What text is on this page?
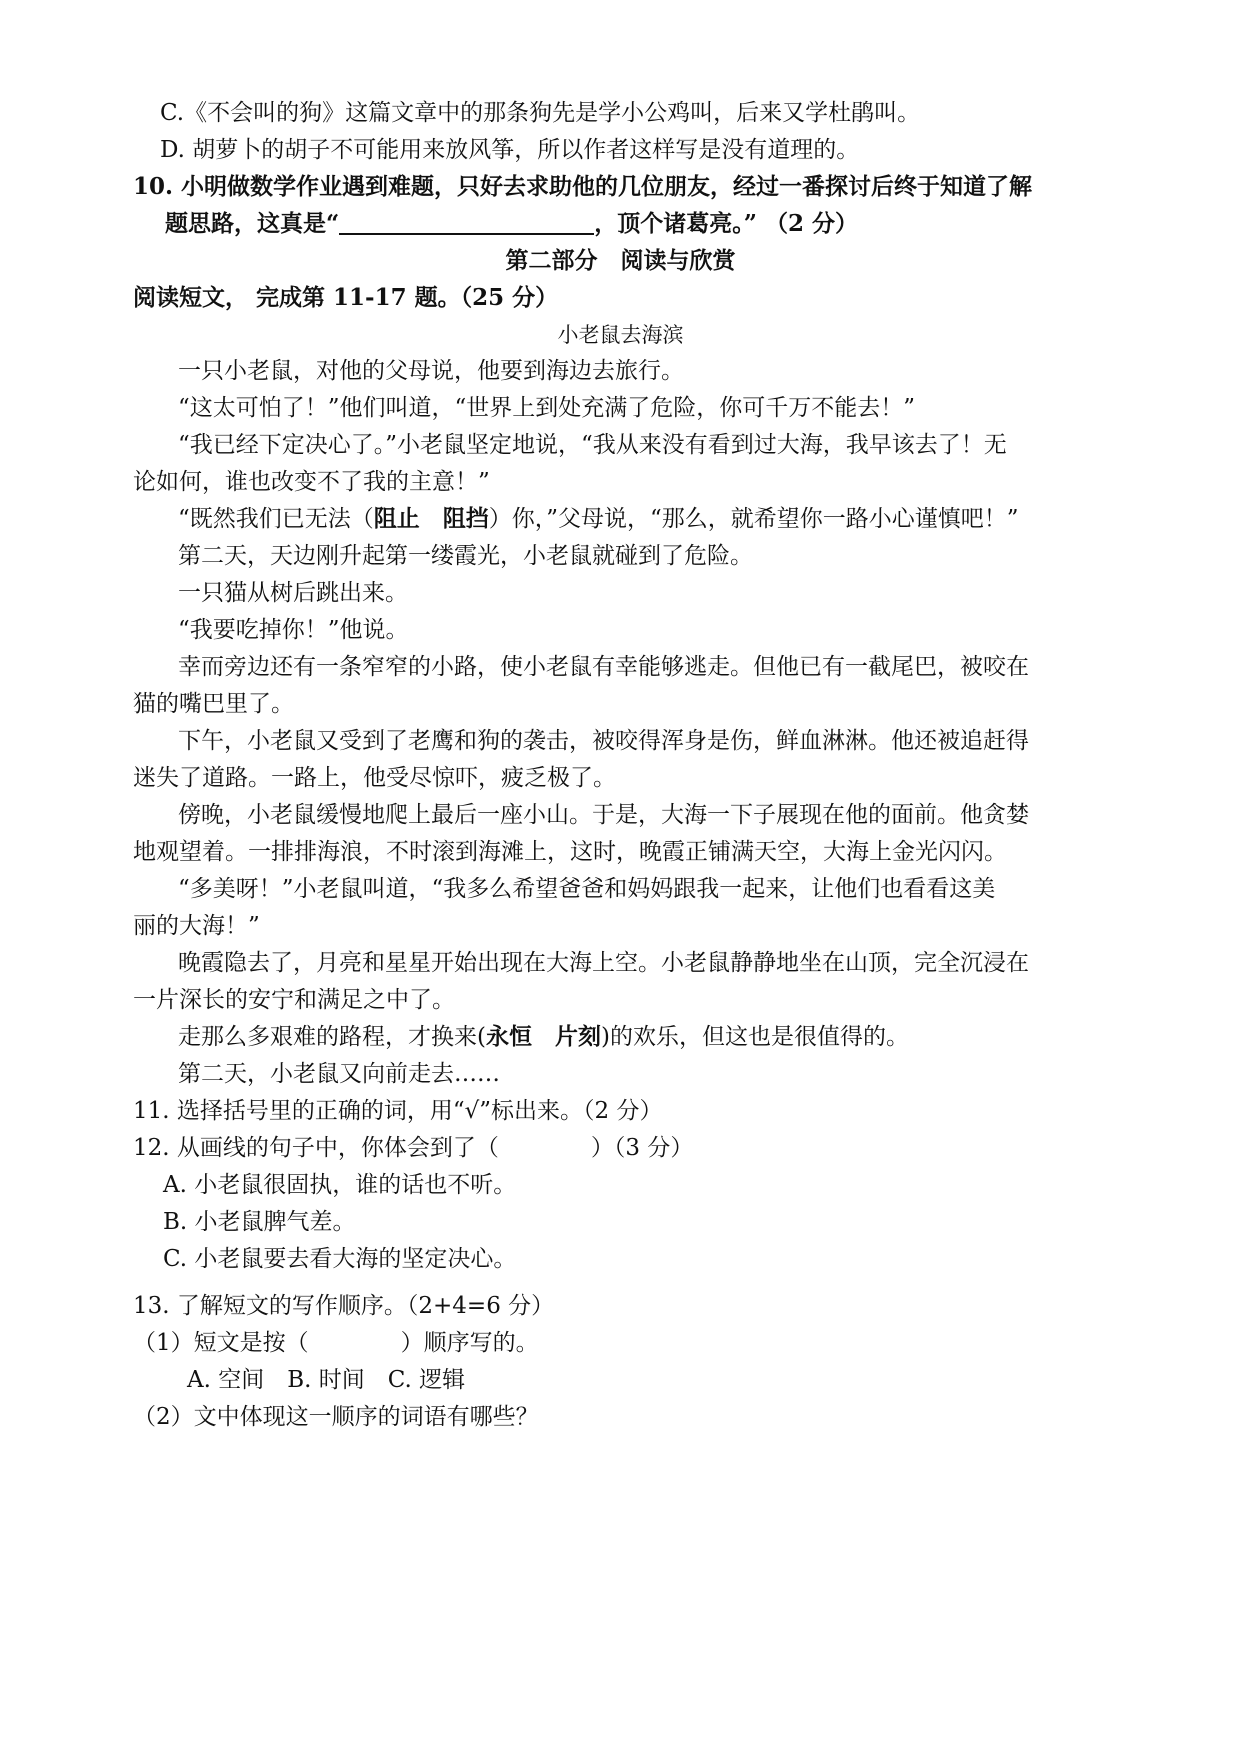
C.《不会叫的狗》这篇文章中的那条狗先是学小公鸡叫，后来又学杜鹃叫。
D. 胡萝卜的胡子不可能用来放风筝，所以作者这样写是没有道理的。
10. 小明做数学作业遇到难题，只好去求助他的几位朋友，经过一番探讨后终于知道了解
题思路，这真是“	，顶个诸葛亮。” （2 分）
第二部分　阅读与欣赏
阅读短文， 完成第 11-17 题。（25 分）
小老鼠去海滨
一只小老鼠，对他的父母说，他要到海边去旅行。
“这太可怕了！”他们叫道，“世界上到处充满了危险，你可千万不能去！”
“我已经下定决心了。”小老鼠坚定地说，“我从来没有看到过大海，我早该去了！无
论如何，谁也改变不了我的主意！”
“既然我们已无法（阻止　阻挡）你，”父母说，“那么，就希望你一路小心谨慎吧！”
第二天，天边刚升起第一缕霞光，小老鼠就碰到了危险。
一只猫从树后跳出来。
“我要吃掉你！”他说。
幸而旁边还有一条窄窄的小路，使小老鼠有幸能够逃走。但他已有一截尾巴，被咬在
猫的嘴巴里了。
下午，小老鼠又受到了老鹰和狗的袭击，被咬得浑身是伤，鲜血淋淋。他还被追赶得
迷失了道路。一路上，他受尽惊吓，疲乏极了。
傍晚，小老鼠缓慢地爬上最后一座小山。于是，大海一下子展现在他的面前。他贪婪
地观望着。一排排海浪，不时滚到海滩上，这时，晚霞正铺满天空，大海上金光闪闪。
“多美呀！”小老鼠叫道，“我多么希望爸爸和妈妈跟我一起来，让他们也看看这美
丽的大海！”
晚霞隐去了，月亮和星星开始出现在大海上空。小老鼠静静地坐在山顶，完全沉浸在
一片深长的安宁和满足之中了。
走那么多艰难的路程，才换来(永恒　片刻)的欢乐，但这也是很值得的。
第二天，小老鼠又向前走去……
11. 选择括号里的正确的词，用“√”标出来。（2 分）
12. 从画线的句子中，你体会到了（　　　　）（3 分）
A. 小老鼠很固执，谁的话也不听。
B. 小老鼠脾气差。
C. 小老鼠要去看大海的坚定决心。
13. 了解短文的写作顺序。（2+4=6 分）
（1）短文是按（　　　　）顺序写的。
A. 空间　B. 时间　C. 逻辑
（2）文中体现这一顺序的词语有哪些？
